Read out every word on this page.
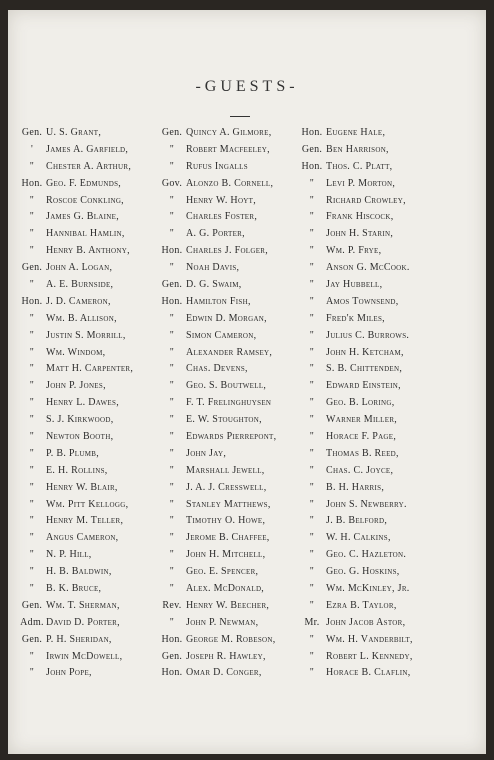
-GUESTS-
Gen. U. S. Grant,
'	James A. Garfield,
"	Chester A. Arthur,
Hon. Geo. F. Edmunds,
"	Roscoe Conkling,
"	James G. Blaine,
"	Hannibal Hamlin,
"	Henry B. Anthony,
Gen. John A. Logan,
"	A. E. Burnside,
Hon. J. D. Cameron,
"	Wm. B. Allison,
"	Justin S. Morrill,
"	Wm. Windom,
"	Matt H. Carpenter,
"	John P. Jones,
"	Henry L. Dawes,
"	S. J. Kirkwood,
"	Newton Booth,
"	P. B. Plumb,
"	E. H. Rollins,
"	Henry W. Blair,
"	Wm. Pitt Kellogg,
"	Henry M. Teller,
"	Angus Cameron,
"	N. P. Hill,
"	H. B. Baldwin,
"	B. K. Bruce,
Gen. Wm. T. Sherman,
Adm. David D. Porter,
Gen. P. H. Sheridan,
"	Irwin McDowell,
"	John Pope,
Gen. Quincy A. Gilmore,
"	Robert Macfeeley,
"	Rufus Ingalls
Gov. Alonzo B. Cornell,
"	Henry W. Hoyt,
"	Charles Foster,
"	A. G. Porter,
Hon. Charles J. Folger,
"	Noah Davis,
Gen. D. G. Swaim,
Hon. Hamilton Fish,
"	Edwin D. Morgan,
"	Simon Cameron,
"	Alexander Ramsey,
"	Chas. Devens,
"	Geo. S. Boutwell,
"	F. T. Frelinghuysen
"	E. W. Stoughton,
"	Edwards Pierrepont,
"	John Jay,
"	Marshall Jewell,
"	J. A. J. Cresswell,
"	Stanley Matthews,
"	Timothy O. Howe,
"	Jerome B. Chaffee,
"	John H. Mitchell,
"	Geo. E. Spencer,
"	Alex. McDonald,
Rev. Henry W. Beecher,
"	John P. Newman,
Hon. George M. Robeson,
Gen. Joseph R. Hawley,
Hon. Omar D. Conger,
Hon. Eugene Hale,
Gen. Ben Harrison,
Hon. Thos. C. Platt,
"	Levi P. Morton,
"	Richard Crowley,
"	Frank Hiscock,
"	John H. Starin,
"	Wm. P. Frye,
"	Anson G. McCook.
"	Jay Hubbell,
"	Amos Townsend,
"	Fred'k Miles,
"	Julius C. Burrows.
"	John H. Ketcham,
"	S. B. Chittenden,
"	Edward Einstein,
"	Geo. B. Loring,
"	Warner Miller,
"	Horace F. Page,
"	Thomas B. Reed,
"	Chas. C. Joyce,
"	B. H. Harris,
"	John S. Newberry.
"	J. B. Belford,
"	W. H. Calkins,
"	Geo. C. Hazleton.
"	Geo. G. Hoskins,
"	Wm. McKinley, Jr.
"	Ezra B. Taylor,
Mr. John Jacob Astor,
"	Wm. H. Vanderbilt,
"	Robert L. Kennedy,
"	Horace B. Claflin,
